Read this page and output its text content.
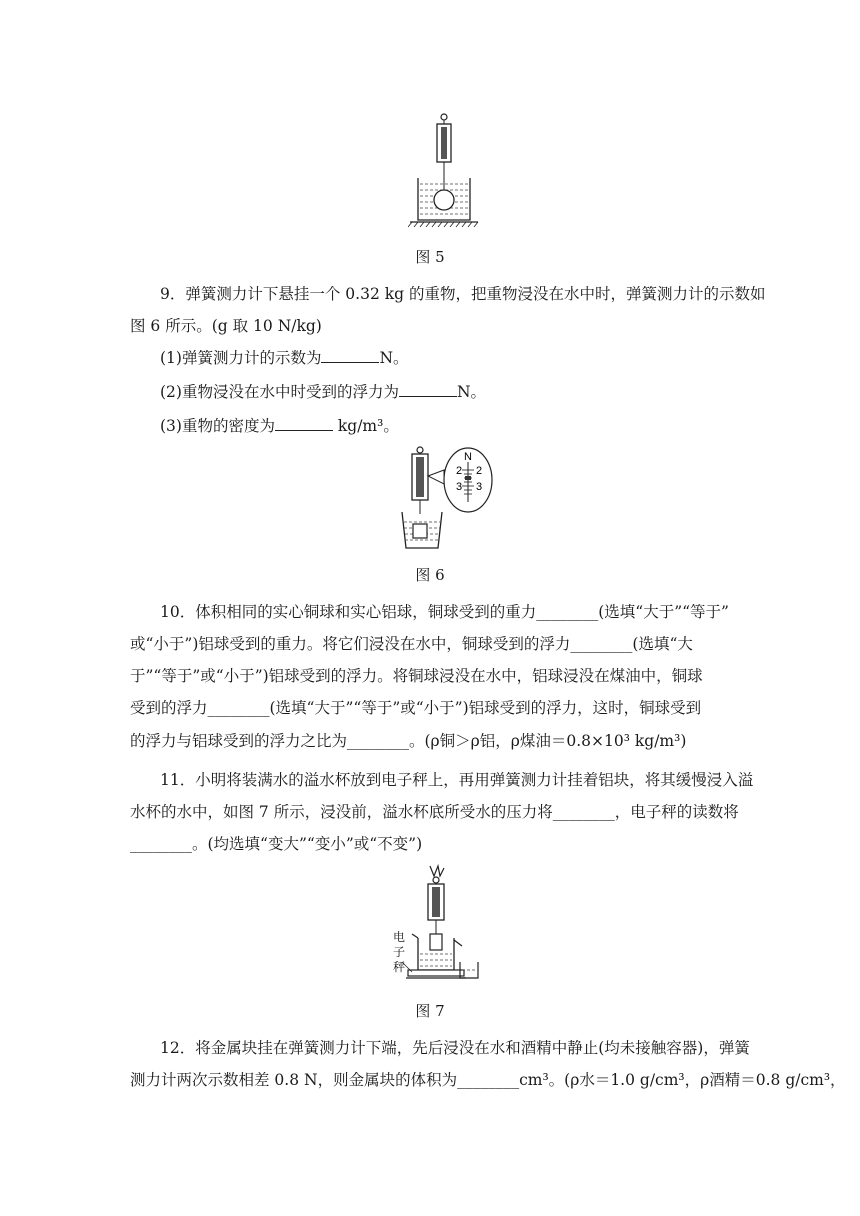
图 5
9．弹簧测力计下悬挂一个 0.32 kg 的重物，把重物浸没在水中时，弹簧测力计的示数如
图 6 所示。(g 取 10 N/kg)
(1)弹簧测力计的示数为	N。
(2)重物浸没在水中时受到的浮力为	N。
(3)重物的密度为	kg/m³。
N
2 2
3 3
图 6
10．体积相同的实心铜球和实心铝球，铜球受到的重力________(选填“大于”“等于”
或“小于”)铝球受到的重力。将它们浸没在水中，铜球受到的浮力________(选填“大
于”“等于”或“小于”)铝球受到的浮力。将铜球浸没在水中，铝球浸没在煤油中，铜球
受到的浮力________(选填“大于”“等于”或“小于”)铝球受到的浮力，这时，铜球受到
的浮力与铝球受到的浮力之比为________。(ρ铜＞ρ铝，ρ煤油＝0.8×10³ kg/m³)
11．小明将装满水的溢水杯放到电子秤上，再用弹簧测力计挂着铝块，将其缓慢浸入溢
水杯的水中，如图 7 所示，浸没前，溢水杯底所受水的压力将________，电子秤的读数将
________。(均选填“变大”“变小”或“不变”)
电子秤
图 7
12．将金属块挂在弹簧测力计下端，先后浸没在水和酒精中静止(均未接触容器)，弹簧
测力计两次示数相差 0.8 N，则金属块的体积为________cm³。(ρ水＝1.0 g/cm³，ρ酒精＝0.8 g/cm³，
